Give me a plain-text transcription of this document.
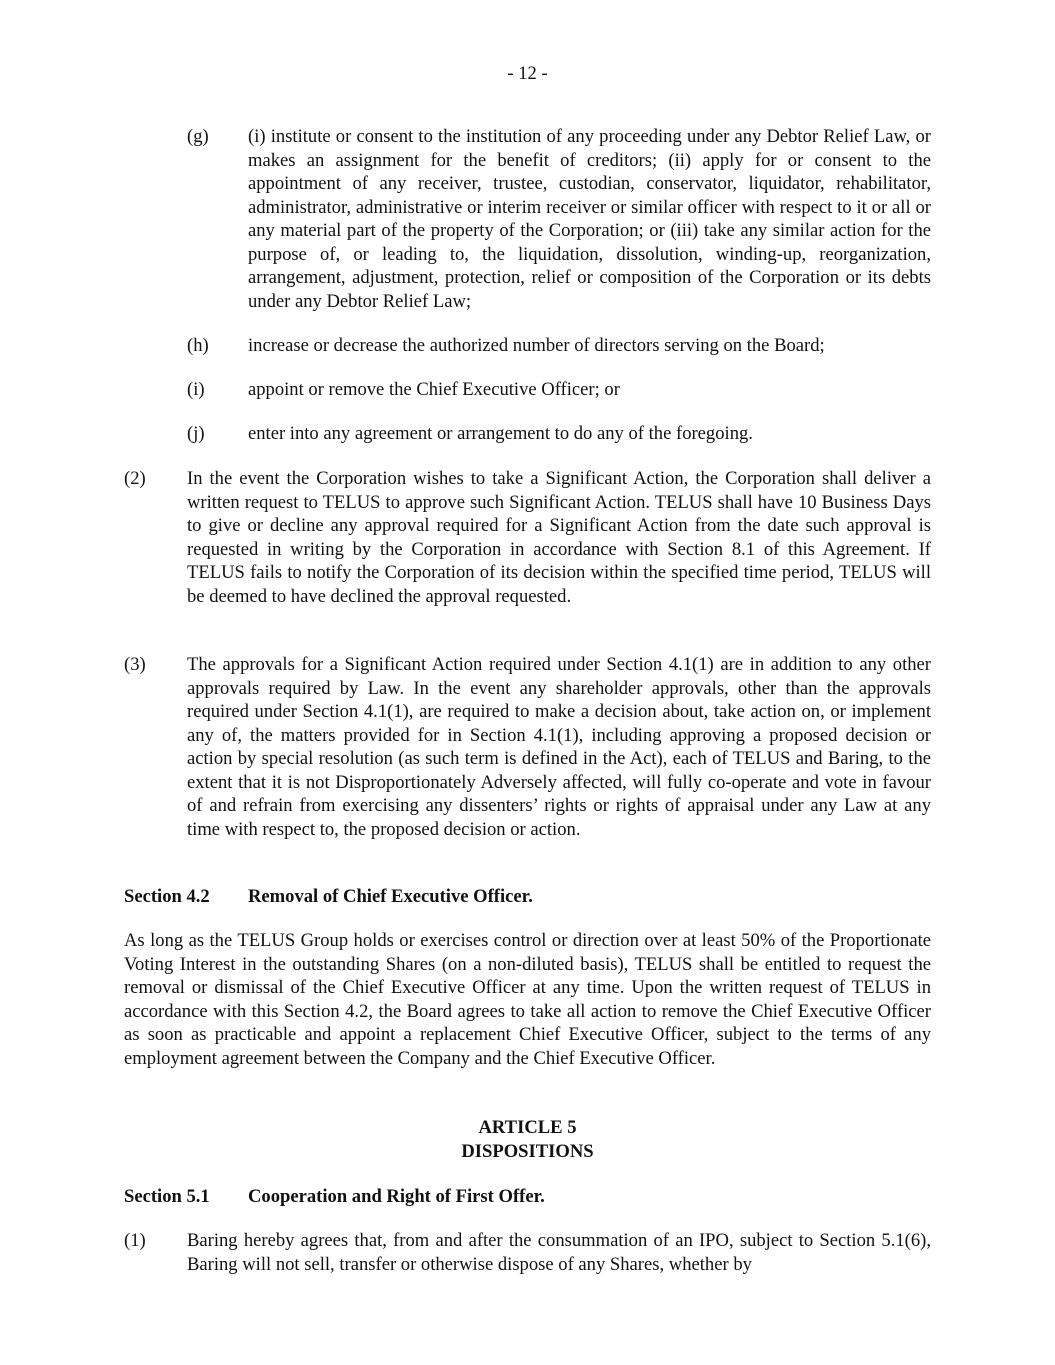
- 12 -
(g) (i) institute or consent to the institution of any proceeding under any Debtor Relief Law, or makes an assignment for the benefit of creditors; (ii) apply for or consent to the appointment of any receiver, trustee, custodian, conservator, liquidator, rehabilitator, administrator, administrative or interim receiver or similar officer with respect to it or all or any material part of the property of the Corporation; or (iii) take any similar action for the purpose of, or leading to, the liquidation, dissolution, winding-up, reorganization, arrangement, adjustment, protection, relief or composition of the Corporation or its debts under any Debtor Relief Law;
(h) increase or decrease the authorized number of directors serving on the Board;
(i) appoint or remove the Chief Executive Officer; or
(j) enter into any agreement or arrangement to do any of the foregoing.
(2) In the event the Corporation wishes to take a Significant Action, the Corporation shall deliver a written request to TELUS to approve such Significant Action. TELUS shall have 10 Business Days to give or decline any approval required for a Significant Action from the date such approval is requested in writing by the Corporation in accordance with Section 8.1 of this Agreement. If TELUS fails to notify the Corporation of its decision within the specified time period, TELUS will be deemed to have declined the approval requested.
(3) The approvals for a Significant Action required under Section 4.1(1) are in addition to any other approvals required by Law. In the event any shareholder approvals, other than the approvals required under Section 4.1(1), are required to make a decision about, take action on, or implement any of, the matters provided for in Section 4.1(1), including approving a proposed decision or action by special resolution (as such term is defined in the Act), each of TELUS and Baring, to the extent that it is not Disproportionately Adversely affected, will fully co-operate and vote in favour of and refrain from exercising any dissenters’ rights or rights of appraisal under any Law at any time with respect to, the proposed decision or action.
Section 4.2 Removal of Chief Executive Officer.
As long as the TELUS Group holds or exercises control or direction over at least 50% of the Proportionate Voting Interest in the outstanding Shares (on a non-diluted basis), TELUS shall be entitled to request the removal or dismissal of the Chief Executive Officer at any time. Upon the written request of TELUS in accordance with this Section 4.2, the Board agrees to take all action to remove the Chief Executive Officer as soon as practicable and appoint a replacement Chief Executive Officer, subject to the terms of any employment agreement between the Company and the Chief Executive Officer.
ARTICLE 5
DISPOSITIONS
Section 5.1 Cooperation and Right of First Offer.
(1) Baring hereby agrees that, from and after the consummation of an IPO, subject to Section 5.1(6), Baring will not sell, transfer or otherwise dispose of any Shares, whether by
